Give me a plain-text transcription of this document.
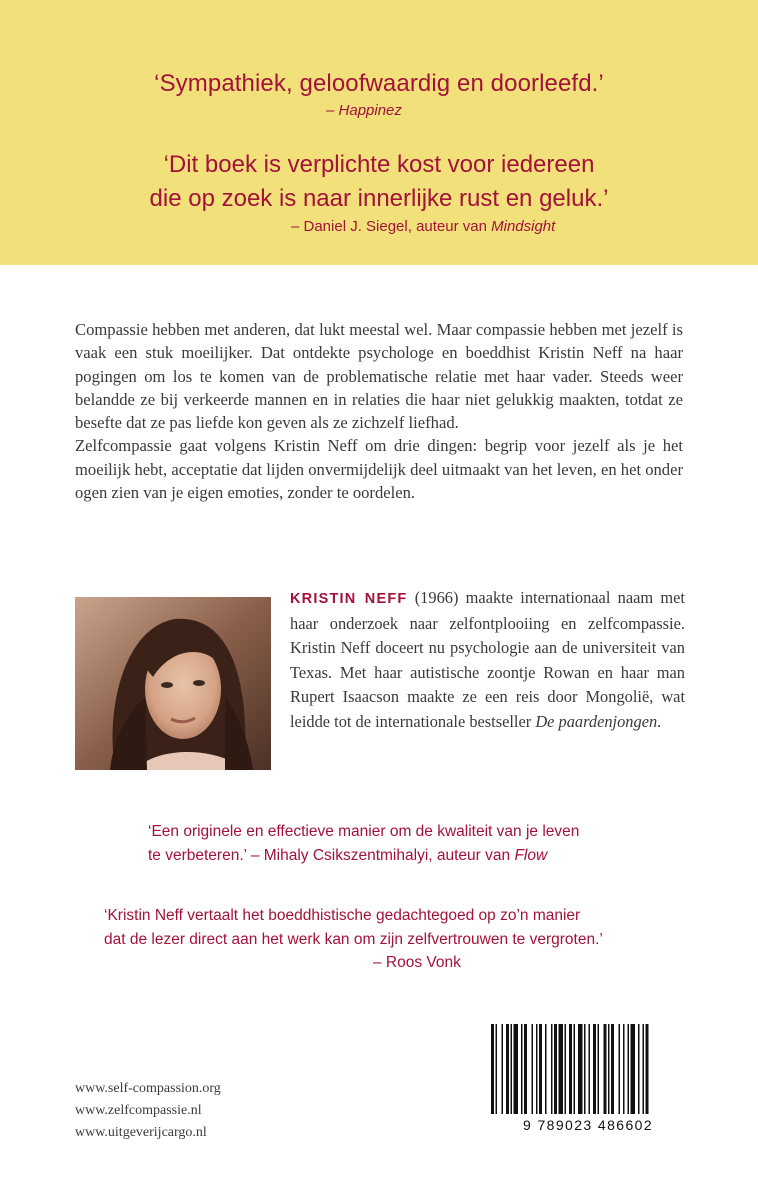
‘Sympathiek, geloofwaardig en doorleefd.’
– Happinez
‘Dit boek is verplichte kost voor iedereen
die op zoek is naar innerlijke rust en geluk.’
– Daniel J. Siegel, auteur van Mindsight

Compassie hebben met anderen, dat lukt meestal wel. Maar compassie hebben met jezelf is vaak een stuk moeilijker. Dat ontdekte psychologe en boeddhist Kristin Neff na haar pogingen om los te komen van de problematische relatie met haar vader. Steeds weer belandde ze bij verkeerde mannen en in relaties die haar niet gelukkig maakten, totdat ze besefte dat ze pas liefde kon geven als ze zichzelf liefhad.

Zelfcompassie gaat volgens Kristin Neff om drie dingen: begrip voor jezelf als je het moeilijk hebt, acceptatie dat lijden onvermijdelijk deel uitmaakt van het leven, en het onder ogen zien van je eigen emoties, zonder te oordelen.

KRISTIN NEFF (1966) maakte internationaal naam met haar onderzoek naar zelfontplooiing en zelfcompassie. Kristin Neff doceert nu psychologie aan de universiteit van Texas. Met haar autistische zoontje Rowan en haar man Rupert Isaacson maakte ze een reis door Mongolië, wat leidde tot de internationale bestseller De paardenjongen.
‘Een originele en effectieve manier om de kwaliteit van je leven
te verbeteren.’ – Mihaly Csikszentmihalyi, auteur van Flow
‘Kristin Neff vertaalt het boeddhistische gedachtegoed op zo’n manier
dat de lezer direct aan het werk kan om zijn zelfvertrouwen te vergroten.’
– Roos Vonk
www.self-compassion.org
www.zelfcompassie.nl
www.uitgeverijcargo.nl	9 789023 486602
